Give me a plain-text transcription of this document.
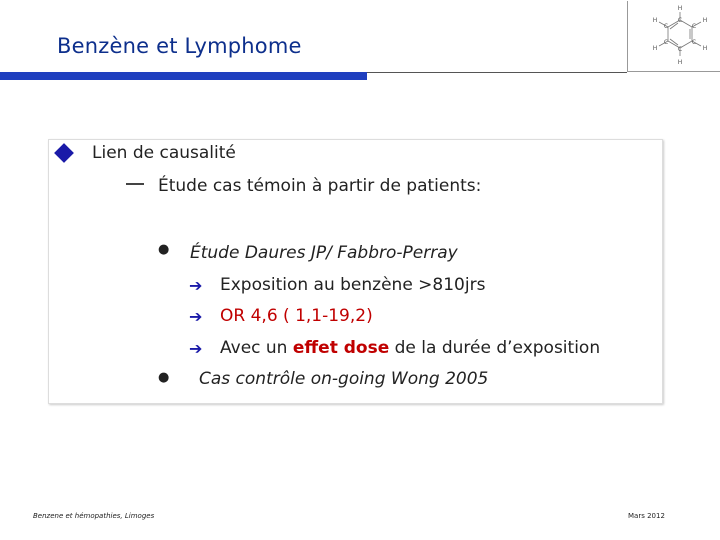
Benzène et Lymphome
H
C	H
C
H
C
H
C
H
C
H
C
Lien de causalité
Étude cas témoin à partir de patients:
● Étude Daures JP/ Fabbro-Perray
➔ Exposition au benzène >810jrs
➔ OR 4,6 ( 1,1-19,2)
➔ Avec un effet dose de la durée d’exposition
● Cas contrôle on-going Wong 2005
Benzene et hémopathies, Limoges	Mars 2012
